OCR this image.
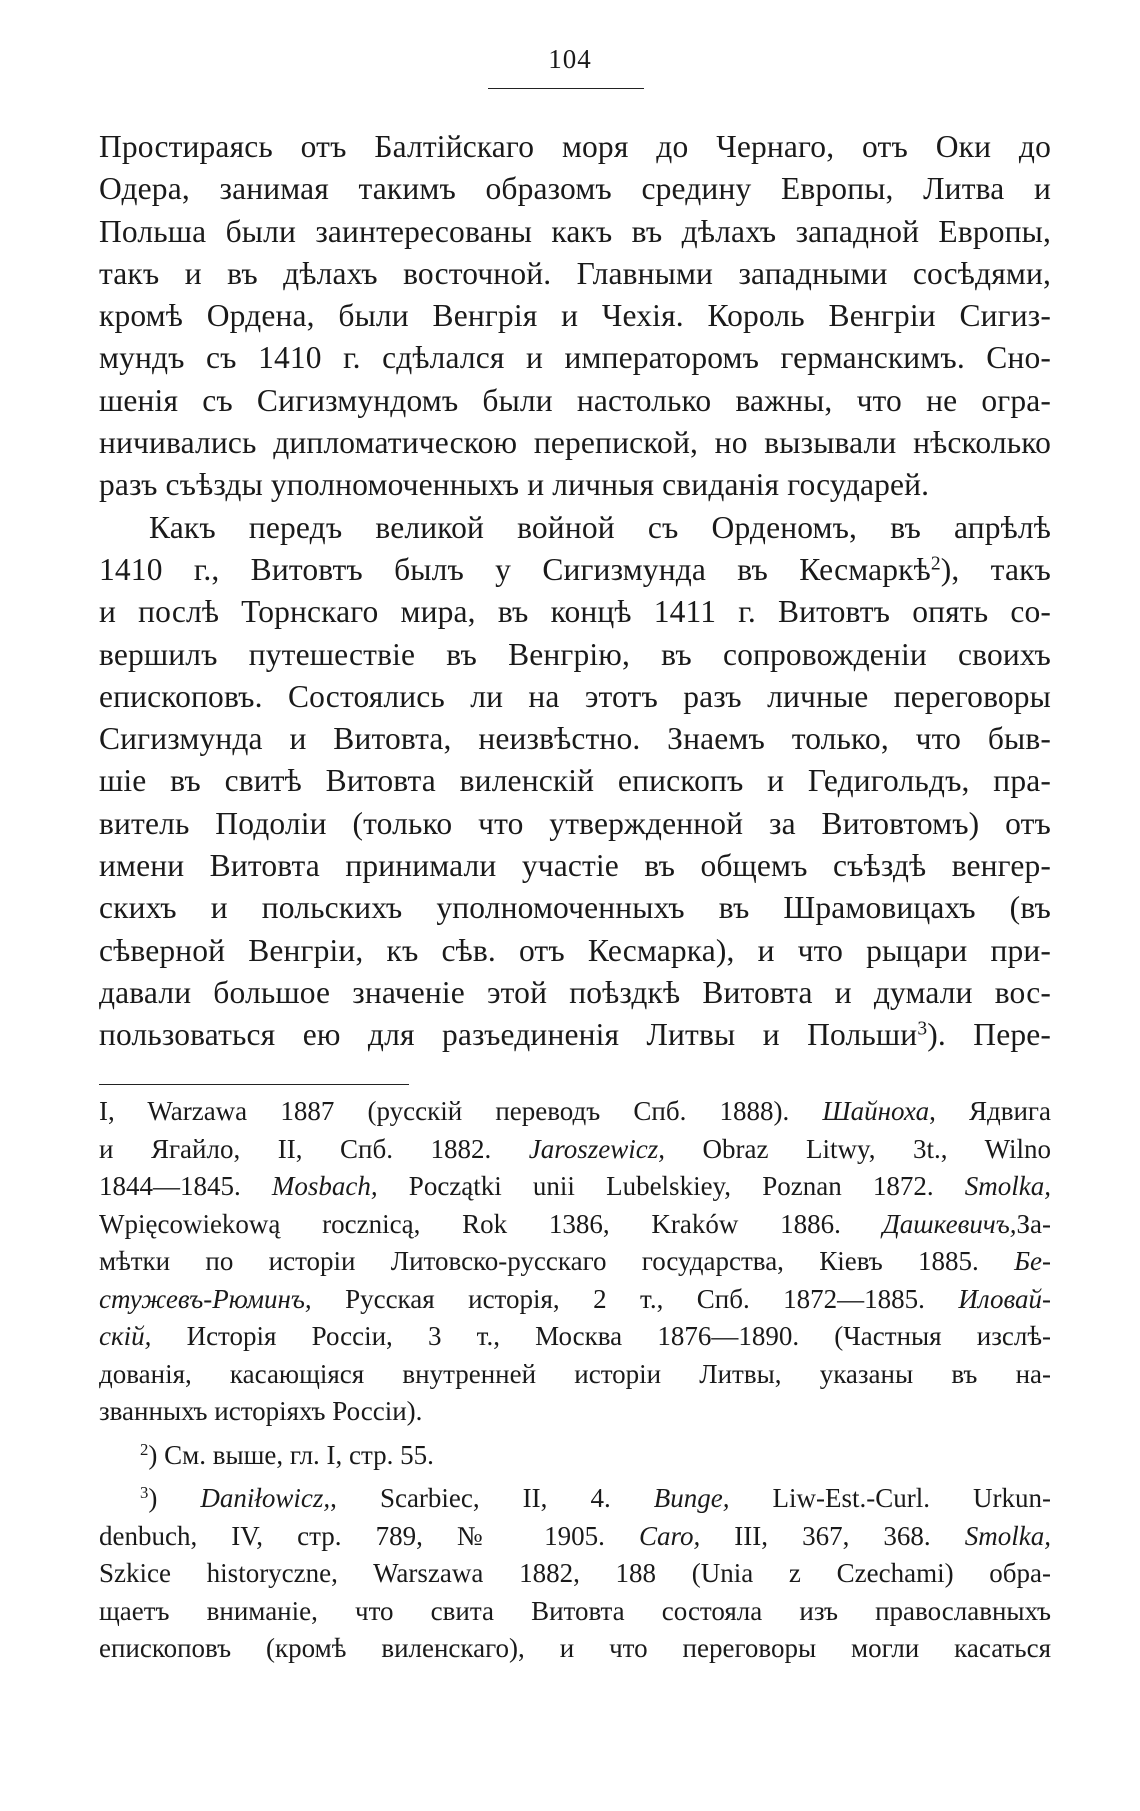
104
Простираясь отъ Балтійскаго моря до Чернаго, отъ Оки до
Одера, занимая такимъ образомъ средину Европы, Литва и
Польша были заинтересованы какъ въ дѣлахъ западной Европы,
такъ и въ дѣлахъ восточной. Главными западными сосѣдями,
кромѣ Ордена, были Венгрія и Чехія. Король Венгріи Сигиз-
мундъ съ 1410 г. сдѣлался и императоромъ германскимъ. Сно-
шенія съ Сигизмундомъ были настолько важны, что не огра-
ничивались дипломатическою перепиской, но вызывали нѣсколько
разъ съѣзды уполномоченныхъ и личныя свиданія государей.
Какъ передъ великой войной съ Орденомъ, въ апрѣлѣ
1410 г., Витовтъ былъ у Сигизмунда въ Кесмаркѣ$^2$), такъ
и послѣ Торнскаго мира, въ концѣ 1411 г. Витовтъ опять со-
вершилъ путешествіе въ Венгрію, въ сопровожденіи своихъ
епископовъ. Состоялись ли на этотъ разъ личные переговоры
Сигизмунда и Витовта, неизвѣстно. Знаемъ только, что быв-
шіе въ свитѣ Витовта виленскій епископъ и Гедигольдъ, пра-
витель Подоліи (только что утвержденной за Витовтомъ) отъ
имени Витовта принимали участіе въ общемъ съѣздѣ венгер-
скихъ и польскихъ уполномоченныхъ въ Шрамовицахъ (въ
сѣверной Венгріи, къ сѣв. отъ Кесмарка), и что рыцари при-
давали большое значеніе этой поѣздкѣ Витовта и думали вос-
пользоваться ею для разъединенія Литвы и Польши$^3$). Пере-
I, Warzawa 1887 (русскій переводъ Спб. 1888). Шайноха, Ядвига
и Ягайло, II, Спб. 1882. Jaroszewicz, Obraz Litwy, 3t., Wilno
1844—1845. Mosbach, Początki unii Lubelskiey, Poznan 1872. Smolka,
Wpięcowiekową rocznicą, Rok 1386, Kraków 1886. Дашкевичъ,За-
мѣтки по исторіи Литовско-русскаго государства, Кіевъ 1885. Бе-
стужевъ-Рюминъ, Русская исторія, 2 т., Спб. 1872—1885. Иловай-
скій, Исторія Россіи, 3 т., Москва 1876—1890. (Частныя изслѣ-
дованія, касающіяся внутренней исторіи Литвы, указаны въ на-
званныхъ исторіяхъ Россіи).
$^2$) См. выше, гл. I, стр. 55.
$^3$) Daniłowicz,, Scarbiec, II, 4. Bunge, Liw-Est.-Curl. Urkun-
denbuch, IV, стр. 789, № 1905. Caro, III, 367, 368. Smolka,
Szkice historyczne, Warszawa 1882, 188 (Unia z Czechami) обра-
щаетъ вниманіе, что свита Витовта состояла изъ православныхъ
епископовъ (кромѣ виленскаго), и что переговоры могли касаться
